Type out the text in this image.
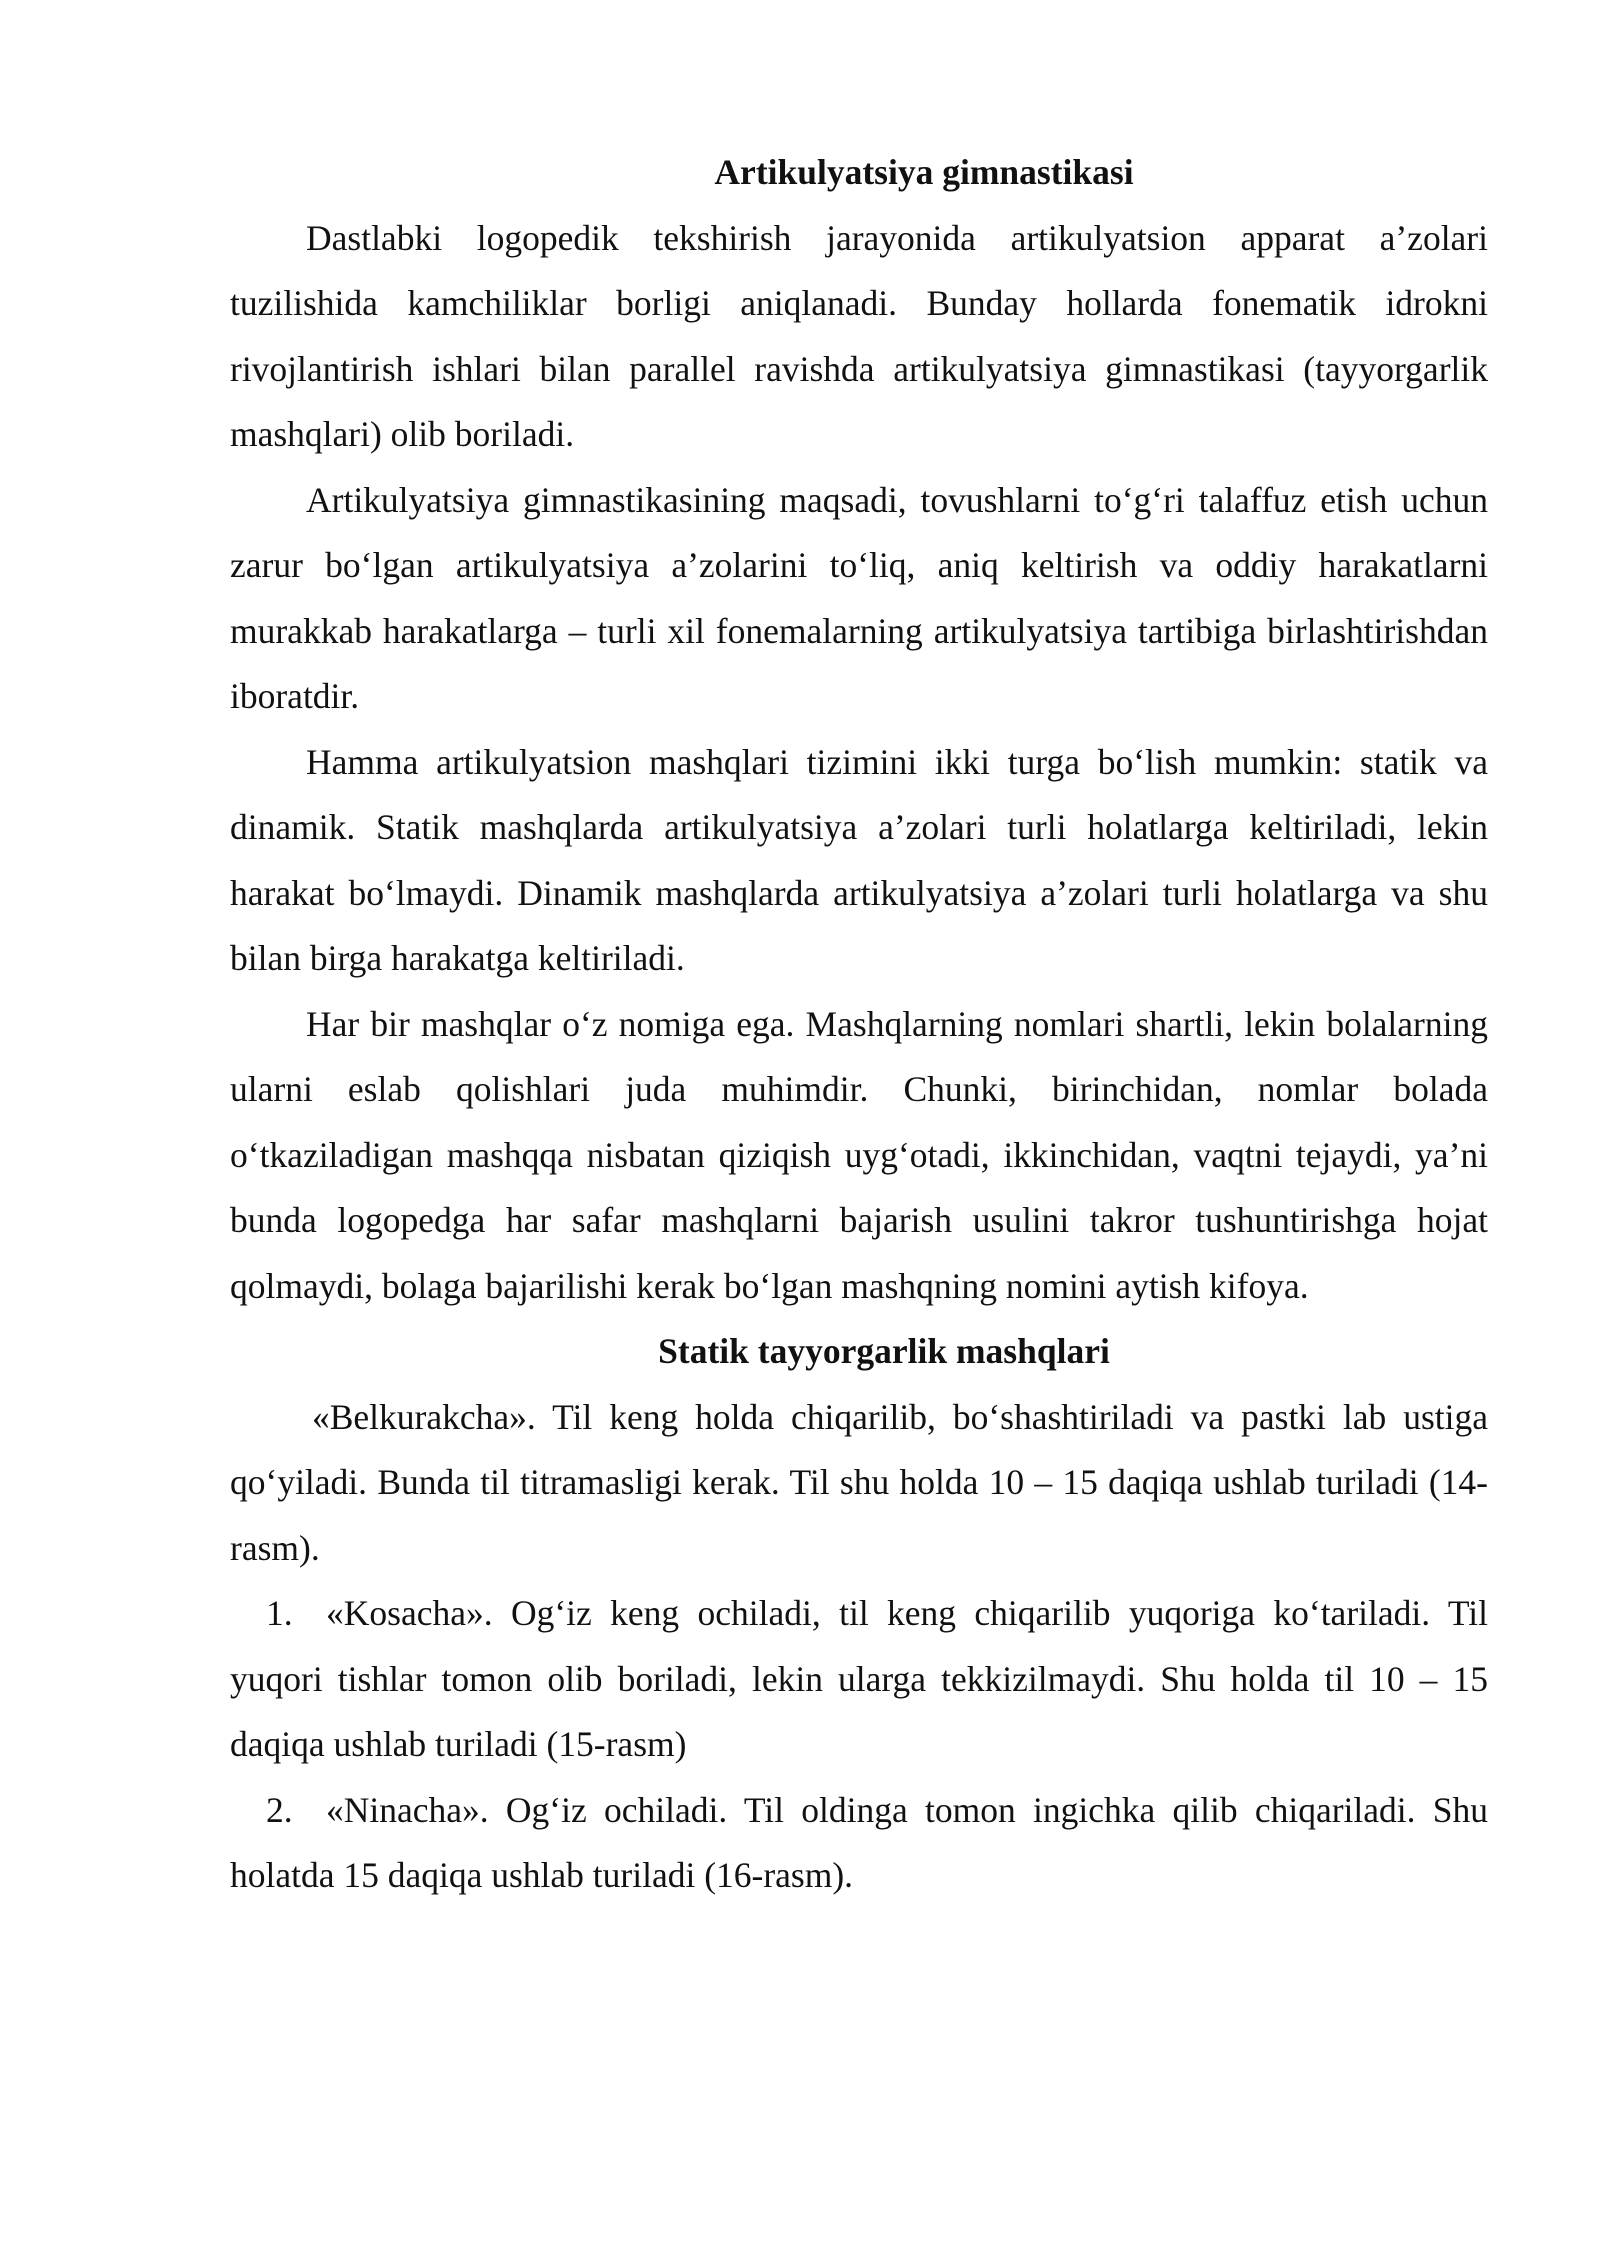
Artikulyatsiya gimnastikasi

Dastlabki logopedik tekshirish jarayonida artikulyatsion apparat a’zolari tuzilishida kamchiliklar borligi aniqlanadi. Bunday hollarda fonematik idrokni rivojlantirish ishlari bilan parallel ravishda artikulyatsiya gimnastikasi (tayyorgarlik mashqlari) olib boriladi.

Artikulyatsiya gimnastikasining maqsadi, tovushlarni to‘g‘ri talaffuz etish uchun zarur bo‘lgan artikulyatsiya a’zolarini to‘liq, aniq keltirish va oddiy harakatlarni murakkab harakatlarga – turli xil fonemalarning artikulyatsiya tartibiga birlashtirishdan iboratdir.

Hamma artikulyatsion mashqlari tizimini ikki turga bo‘lish mumkin: statik va dinamik. Statik mashqlarda artikulyatsiya a’zolari turli holatlarga keltiriladi, lekin harakat bo‘lmaydi. Dinamik mashqlarda artikulyatsiya a’zolari turli holatlarga va shu bilan birga harakatga keltiriladi.

Har bir mashqlar o‘z nomiga ega. Mashqlarning nomlari shartli, lekin bolalarning ularni eslab qolishlari juda muhimdir. Chunki, birinchidan, nomlar bolada o‘tkaziladigan mashqqa nisbatan qiziqish uyg‘otadi, ikkinchidan, vaqtni tejaydi, ya’ni bunda logopedga har safar mashqlarni bajarish usulini takror tushuntirishga hojat qolmaydi, bolaga bajarilishi kerak bo‘lgan mashqning nomini aytish kifoya.

Statik tayyorgarlik mashqlari

«Belkurakcha». Til keng holda chiqarilib, bo‘shashtiriladi va pastki lab ustiga qo‘yiladi. Bunda til titramasligi kerak. Til shu holda 10 – 15 daqiqa ushlab turiladi (14-rasm).

1. «Kosacha». Og‘iz keng ochiladi, til keng chiqarilib yuqoriga ko‘tariladi. Til yuqori tishlar tomon olib boriladi, lekin ularga tekkizilmaydi. Shu holda til 10 – 15 daqiqa ushlab turiladi (15-rasm)

2. «Ninacha». Og‘iz ochiladi. Til oldinga tomon ingichka qilib chiqariladi. Shu holatda 15 daqiqa ushlab turiladi (16-rasm).
